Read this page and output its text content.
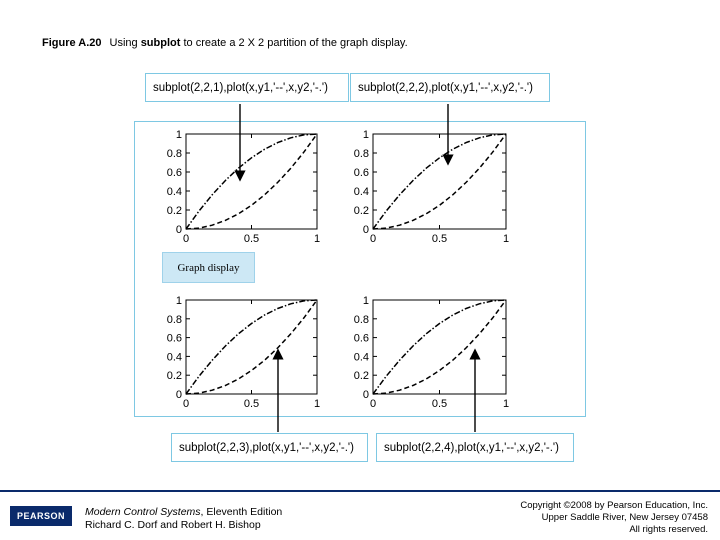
Figure A.20 Using subplot to create a 2 X 2 partition of the graph display.
subplot(2,2,1),plot(x,y1,'--',x,y2,'-.')	subplot(2,2,2),plot(x,y1,'--',x,y2,'-.')
subplot(2,2,3),plot(x,y1,'--',x,y2,'-.')	subplot(2,2,4),plot(x,y1,'--',x,y2,'-.')
0
0.2
0.4
0.6
0.8
1
0	0.5	1
0
0.2
0.4
0.6
0.8
1
0	0.5	1
0
0.2
0.4
0.6
0.8
1
0	0.5	1
0
0.2
0.4
0.6
0.8
1
0	0.5	1
Graph display
PEARSON	Modern Control Systems, Eleventh Edition
Richard C. Dorf and Robert H. Bishop
Copyright ©2008 by Pearson Education, Inc.
Upper Saddle River, New Jersey 07458
All rights reserved.
